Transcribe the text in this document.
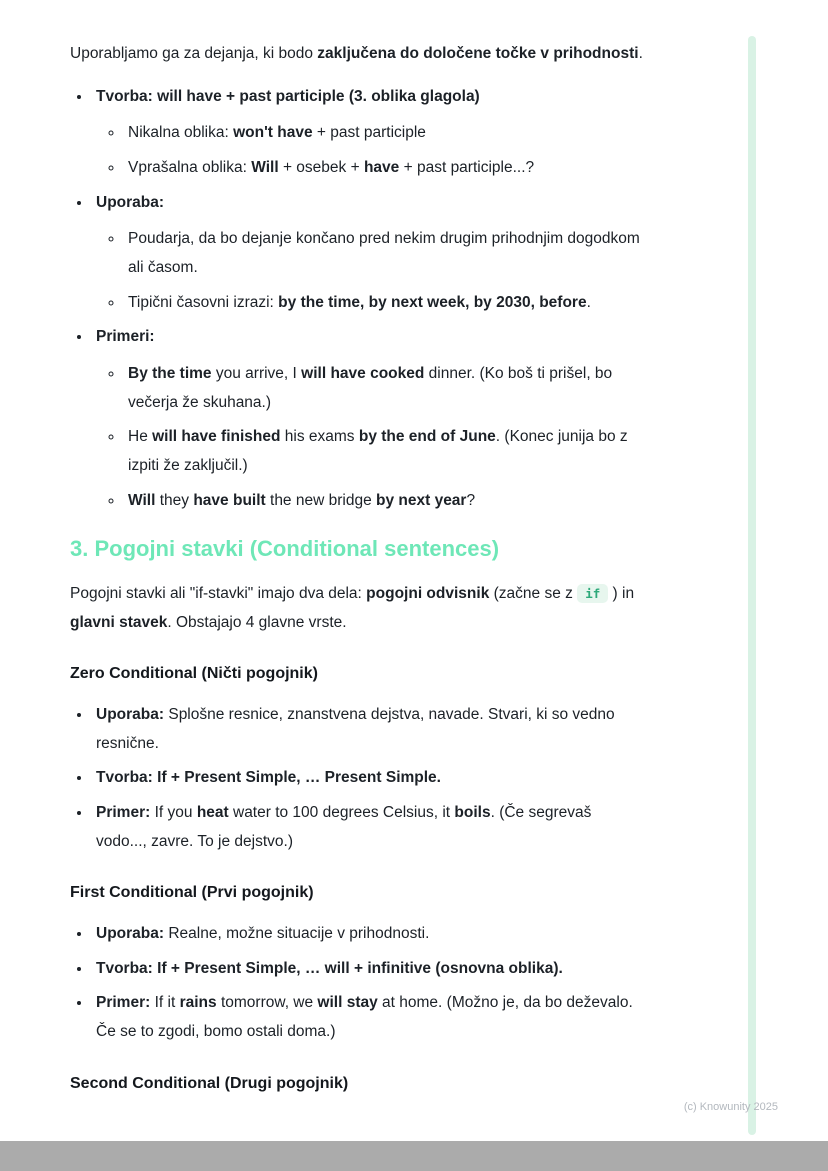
Uporabljamo ga za dejanja, ki bodo zaključena do določene točke v prihodnosti.

• Tvorba: will have + past participle (3. oblika glagola)
◦ Nikalna oblika: won't have + past participle
◦ Vprašalna oblika: Will + osebek + have + past participle...?
• Uporaba:
◦ Poudarja, da bo dejanje končano pred nekim drugim prihodnjim dogodkom ali časom.
◦ Tipični časovni izrazi: by the time, by next week, by 2030, before.
• Primeri:
◦ By the time you arrive, I will have cooked dinner. (Ko boš ti prišel, bo večerja že skuhana.)
◦ He will have finished his exams by the end of June. (Konec junija bo z izpiti že zaključil.)
◦ Will they have built the new bridge by next year?
3. Pogojni stavki (Conditional sentences)

Pogojni stavki ali "if-stavki" imajo dva dela: pogojni odvisnik (začne se z if ) in glavni stavek. Obstajajo 4 glavne vrste.

Zero Conditional (Ničti pogojnik)
• Uporaba: Splošne resnice, znanstvena dejstva, navade. Stvari, ki so vedno resnične.
• Tvorba: If + Present Simple, … Present Simple.
• Primer: If you heat water to 100 degrees Celsius, it boils. (Če segrevaš vodo..., zavre. To je dejstvo.)
First Conditional (Prvi pogojnik)
• Uporaba: Realne, možne situacije v prihodnosti.
• Tvorba: If + Present Simple, … will + infinitive (osnovna oblika).
• Primer: If it rains tomorrow, we will stay at home. (Možno je, da bo deževalo. Če se to zgodi, bomo ostali doma.)
Second Conditional (Drugi pogojnik)
(c) Knowunity 2025
